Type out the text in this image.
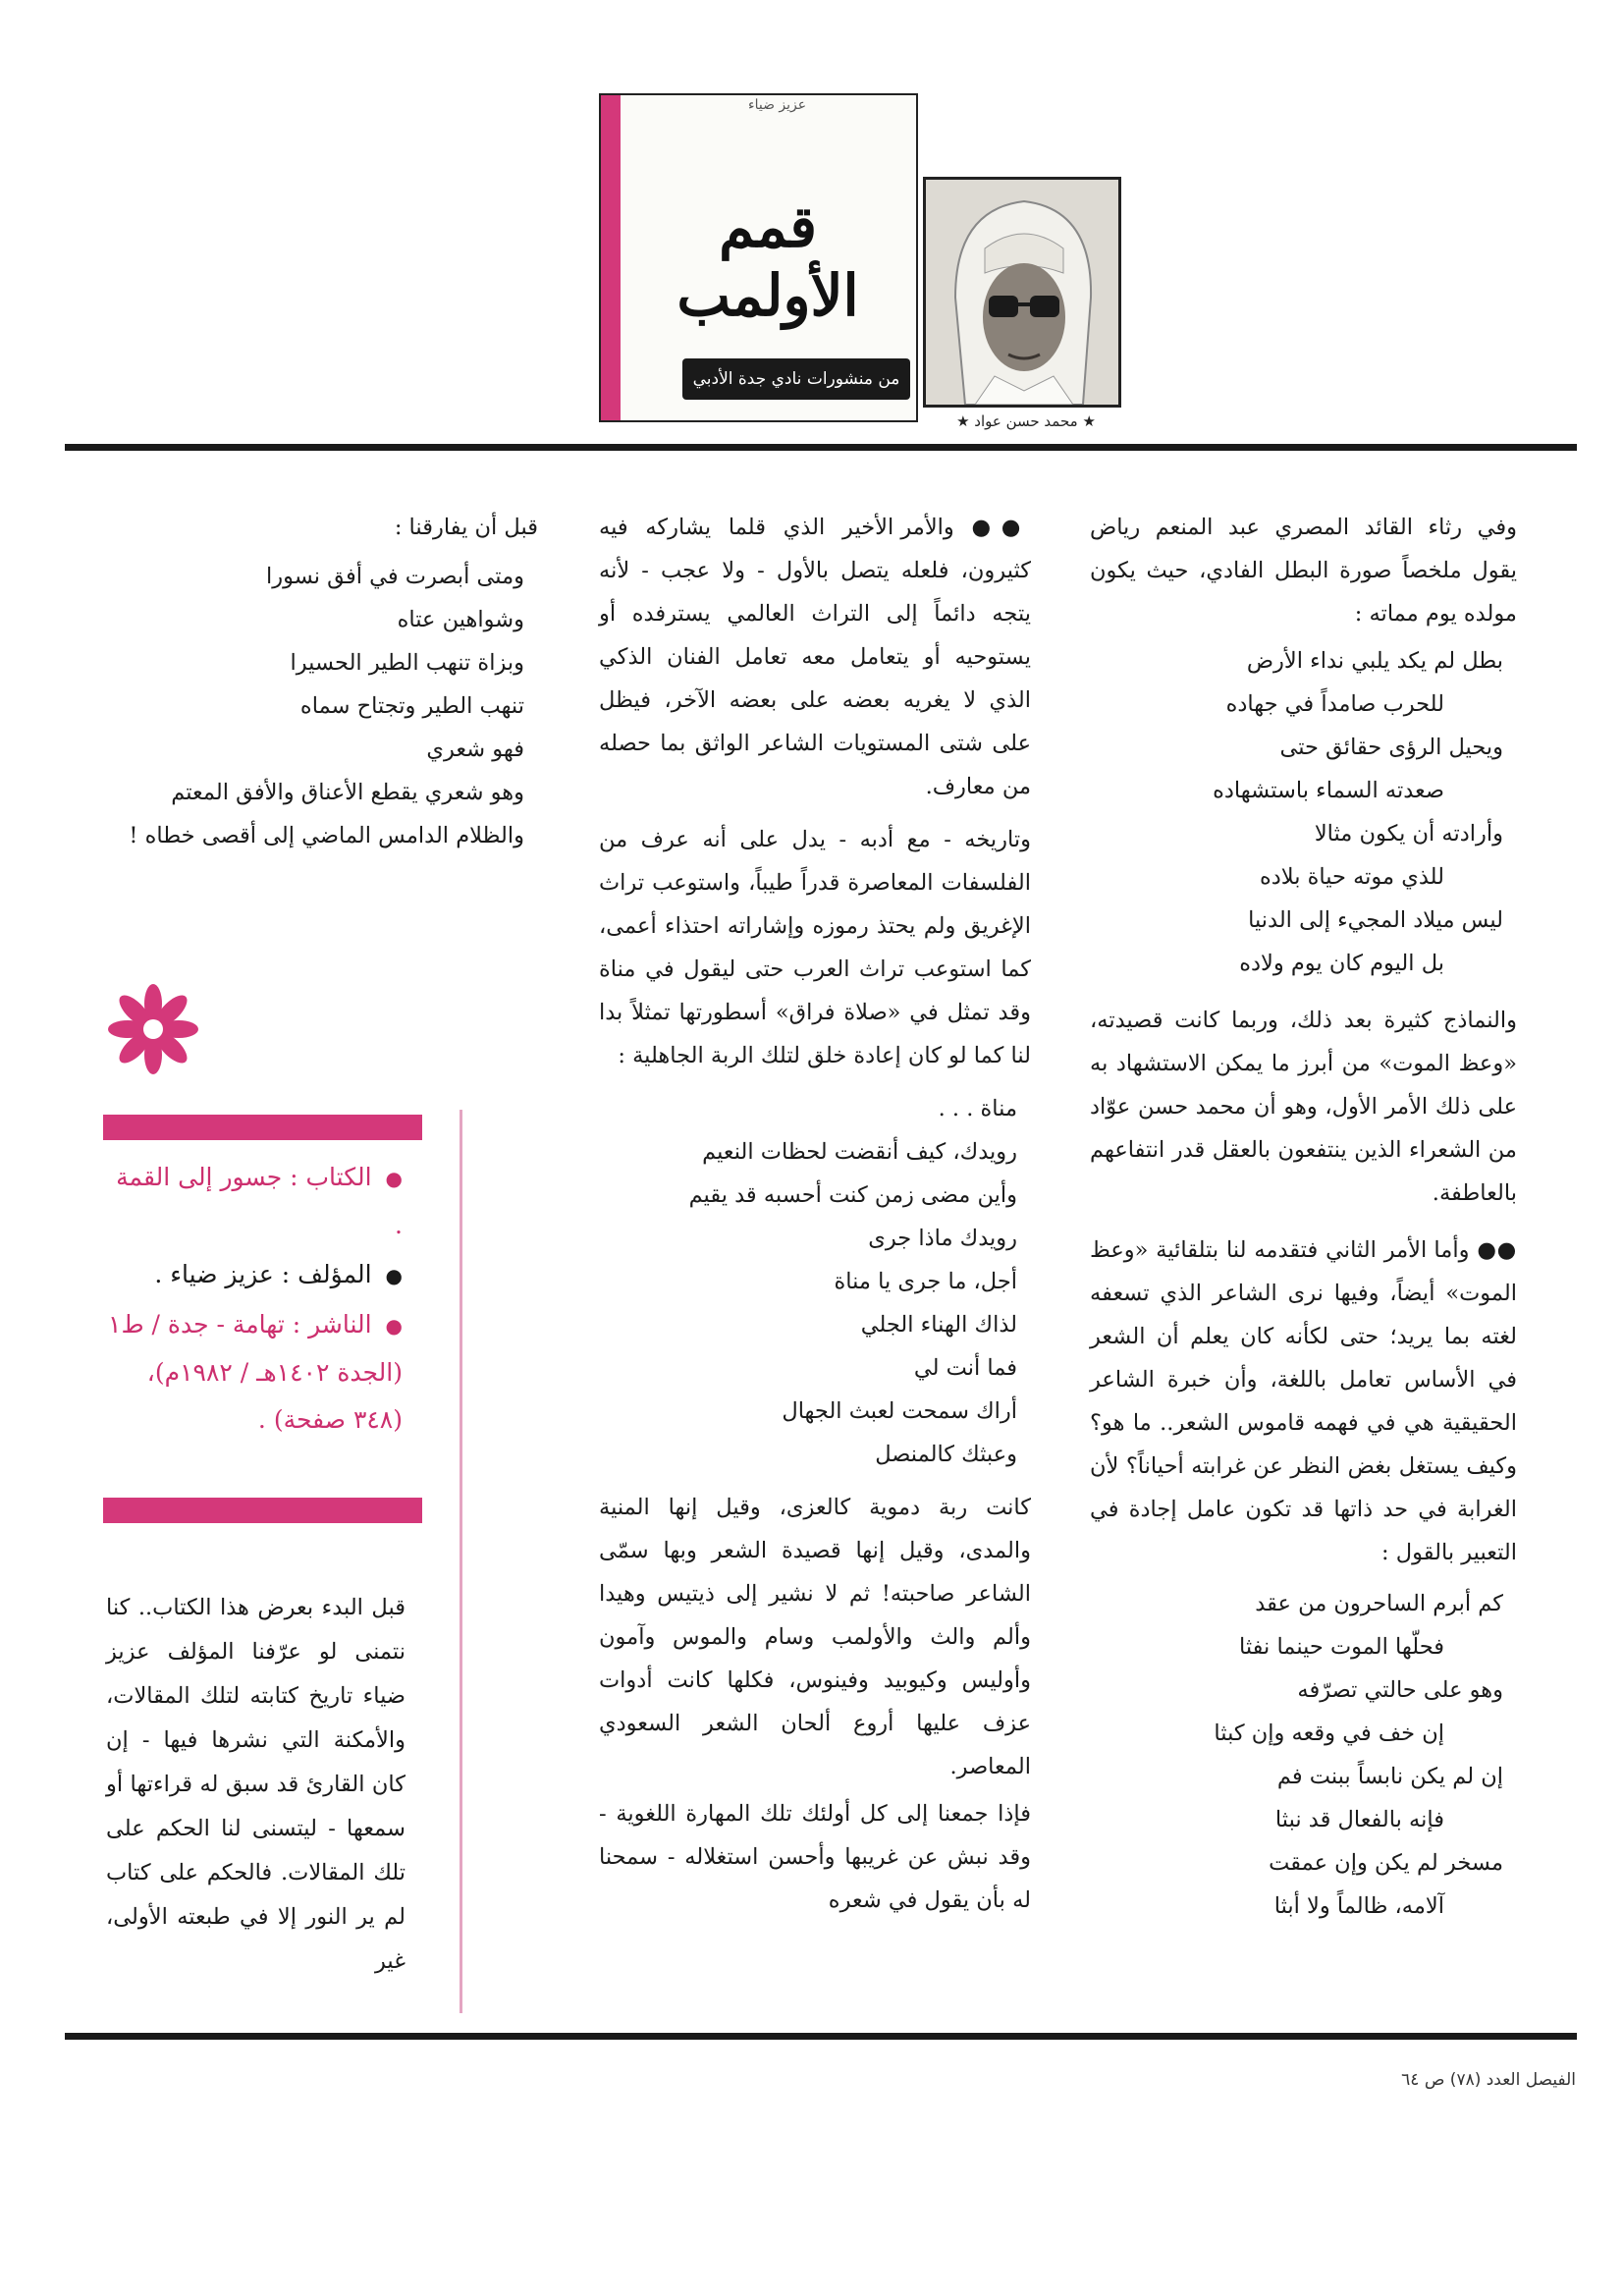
عزيز ضياء
قمم الأولمب
من منشورات نادي جدة الأدبي
★ محمد حسن عواد ★

وفي رثاء القائد المصري عبد المنعم رياض يقول ملخصاً صورة البطل الفادي، حيث يكون مولده يوم مماته :

بطل لم يكد يلبي نداء الأرض
للحرب صامداً في جهاده
ويحيل الرؤى حقائق حتى
صعدته السماء باستشهاده
وأرادته أن يكون مثالا
للذي موته حياة بلاده
ليس ميلاد المجيء إلى الدنيا
بل اليوم كان يوم ولاده

والنماذج كثيرة بعد ذلك، وربما كانت قصيدته، «وعظ الموت» من أبرز ما يمكن الاستشهاد به على ذلك الأمر الأول، وهو أن محمد حسن عوّاد من الشعراء الذين ينتفعون بالعقل قدر انتفاعهم بالعاطفة.

●● وأما الأمر الثاني فتقدمه لنا بتلقائية «وعظ الموت» أيضاً، وفيها نرى الشاعر الذي تسعفه لغته بما يريد؛ حتى لكأنه كان يعلم أن الشعر في الأساس تعامل باللغة، وأن خبرة الشاعر الحقيقية هي في فهمه قاموس الشعر.. ما هو؟ وكيف يستغل بغض النظر عن غرابته أحياناً؟ لأن الغرابة في حد ذاتها قد تكون عامل إجادة في التعبير بالقول :

كم أبرم الساحرون من عقد
فحلّها الموت حينما نفثا
وهو على حالتي تصرّفه
إن خف في وقعه وإن كبثا
إن لم يكن نابساً ببنت فم
فإنه بالفعال قد نبثا
مسخر لم يكن وإن عمقت
آلامه، ظالماً ولا أبثا

●● والأمر الأخير الذي قلما يشاركه فيه كثيرون، فلعله يتصل بالأول - ولا عجب - لأنه يتجه دائماً إلى التراث العالمي يسترفده أو يستوحيه أو يتعامل معه تعامل الفنان الذكي الذي لا يغريه بعضه على بعضه الآخر، فيظل على شتى المستويات الشاعر الواثق بما حصله من معارف.

وتاريخه - مع أدبه - يدل على أنه عرف من الفلسفات المعاصرة قدراً طيباً، واستوعب تراث الإغريق ولم يحتذ رموزه وإشاراته احتذاء أعمى، كما استوعب تراث العرب حتى ليقول في مناة وقد تمثل في «صلاة فراق» أسطورتها تمثلاً بدا لنا كما لو كان إعادة خلق لتلك الربة الجاهلية :

مناة . . .
رويدك، كيف أنقضت لحظات النعيم
وأين مضى زمن كنت أحسبه قد يقيم
رويدك ماذا جرى
أجل، ما جرى يا مناة
لذاك الهناء الجلي
فما أنت لي
أراك سمحت لعبث الجهال
وعبثك كالمنصل

كانت ربة دموية كالعزى، وقيل إنها المنية والمدى، وقيل إنها قصيدة الشعر وبها سمّى الشاعر صاحبته! ثم لا نشير إلى ذيتيس وهيدا وألم والث والأولمب وسام والموس وآمون وأوليس وكيوبيد وفينوس، فكلها كانت أدوات عزف عليها أروع ألحان الشعر السعودي المعاصر.

فإذا جمعنا إلى كل أولئك تلك المهارة اللغوية - وقد نبش عن غريبها وأحسن استغلاله - سمحنا له بأن يقول في شعره

قبل أن يفارقنا :

ومتى أبصرت في أفق نسورا
وشواهين عتاه
وبزاة تنهب الطير الحسيرا
تنهب الطير وتجتاح سماه
فهو شعري
وهو شعري يقطع الأعناق والأفق المعتم
والظلام الدامس الماضي إلى أقصى خطاه !
● الكتاب : جسور إلى القمة .
● المؤلف : عزيز ضياء .
● الناشر : تهامة - جدة / ط١ (الجدة ١٤٠٢هـ / ١٩٨٢م)، (٣٤٨ صفحة) .
قبل البدء بعرض هذا الكتاب.. كنا نتمنى لو عرّفنا المؤلف عزيز ضياء تاريخ كتابته لتلك المقالات، والأمكنة التي نشرها فيها - إن كان القارئ قد سبق له قراءتها أو سمعها - ليتسنى لنا الحكم على تلك المقالات. فالحكم على كتاب لم ير النور إلا في طبعته الأولى، غير
الفيصل العدد (٧٨) ص ٦٤
